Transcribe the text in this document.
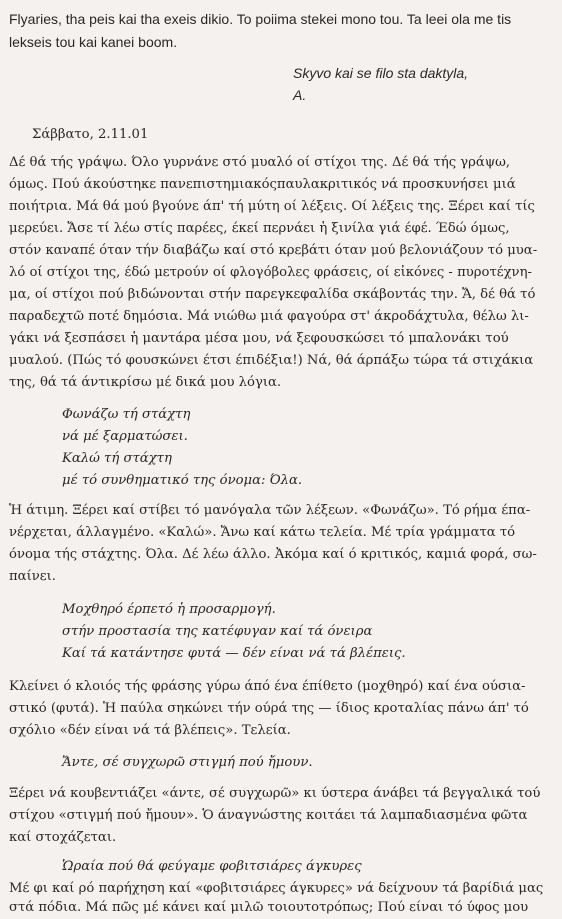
Flyaries, tha peis kai tha exeis dikio. To poiima stekei mono tou. Ta leei ola me tis
lekseis tou kai kanei boom.
Skyvo kai se filo sta daktyla,
A.
Σάββατο, 2.11.01
Δέ θά τής γράψω. Όλο γυρνάνε στό μυαλό οί στίχοι της. Δέ θά τής γράψω,
όμως. Πού άκούστηκε πανεπιστημιακόςπαυλακριτικός νά προσκυνήσει μιά
ποιήτρια. Μά θά μού βγούνε άπ' τή μύτη οί λέξεις. Οί λέξεις της. Ξέρει καί τίς
μερεύει. Ἄσε τί λέω στίς παρέες, έκεί περνάει ἡ ξινίλα γιά έφέ. Έδώ όμως,
στόν καναπέ όταν τήν διαβάζω καί στό κρεβάτι όταν μού βελονιάζουν τό μυα-
λό οί στίχοι της, έδώ μετρούν οί φλογόβολες φράσεις, οί εἰκόνες - πυροτέχνη-
μα, οί στίχοι πού βιδώνονται στήν παρεγκεφαλίδα σκάβοντάς την. Ἄ, δέ θά τό
παραδεχτῶ ποτέ δημόσια. Μά νιώθω μιά φαγούρα στ' άκροδάχτυλα, θέλω λι-
γάκι νά ξεσπάσει ἡ μαντάρα μέσα μου, νά ξεφουσκώσει τό μπαλονάκι τού
μυαλού. (Πώς τό φουσκώνει έτσι έπιδέξια!) Νά, θά άρπάξω τώρα τά στιχάκια
της, θά τά άντικρίσω μέ δικά μου λόγια.
Φωνάζω τή στάχτη
νά μέ ξαρματώσει.
Καλώ τή στάχτη
μέ τό συνθηματικό της όνομα: Όλα.
Ἡ άτιμη. Ξέρει καί στίβει τό μανόγαλα τῶν λέξεων. «Φωνάζω». Τό ρήμα έπα-
νέρχεται, άλλαγμένο. «Καλώ». Ἄνω καί κάτω τελεία. Μέ τρία γράμματα τό
όνομα τής στάχτης. Όλα. Δέ λέω άλλο. Ἀκόμα καί ό κριτικός, καμιά φορά, σω-
παίνει.
Μοχθηρό έρπετό ἡ προσαρμογή.
στήν προστασία της κατέφυγαν καί τά όνειρα
Καί τά κατάντησε φυτά — δέν είναι νά τά βλέπεις.
Κλείνει ό κλοιός τής φράσης γύρω άπό ένα έπίθετο (μοχθηρό) καί ένα ούσια-
στικό (φυτά). Ἡ παύλα σηκώνει τήν ούρά της — ίδιος κροταλίας πάνω άπ' τό
σχόλιο «δέν είναι νά τά βλέπεις». Τελεία.
Ἄντε, σέ συγχωρῶ στιγμή πού ἤμουν.
Ξέρει νά κουβεντιάζει «άντε, σέ συγχωρῶ» κι ύστερα άνάβει τά βεγγαλικά τού
στίχου «στιγμή πού ἤμουν». Ὁ άναγνώστης κοιτάει τά λαμπαδιασμένα φῶτα
καί στοχάζεται.
Ὡραία πού θά φεύγαμε φοβιτσιάρες άγκυρες
Μέ φι καί ρό παρήχηση καί «φοβιτσιάρες άγκυρες» νά δείχνουν τά βαρίδιά μας
στά πόδια. Μά πῶς μέ κάνει καί μιλῶ τοιουτοτρόπως; Πού είναι τό ύφος μου
